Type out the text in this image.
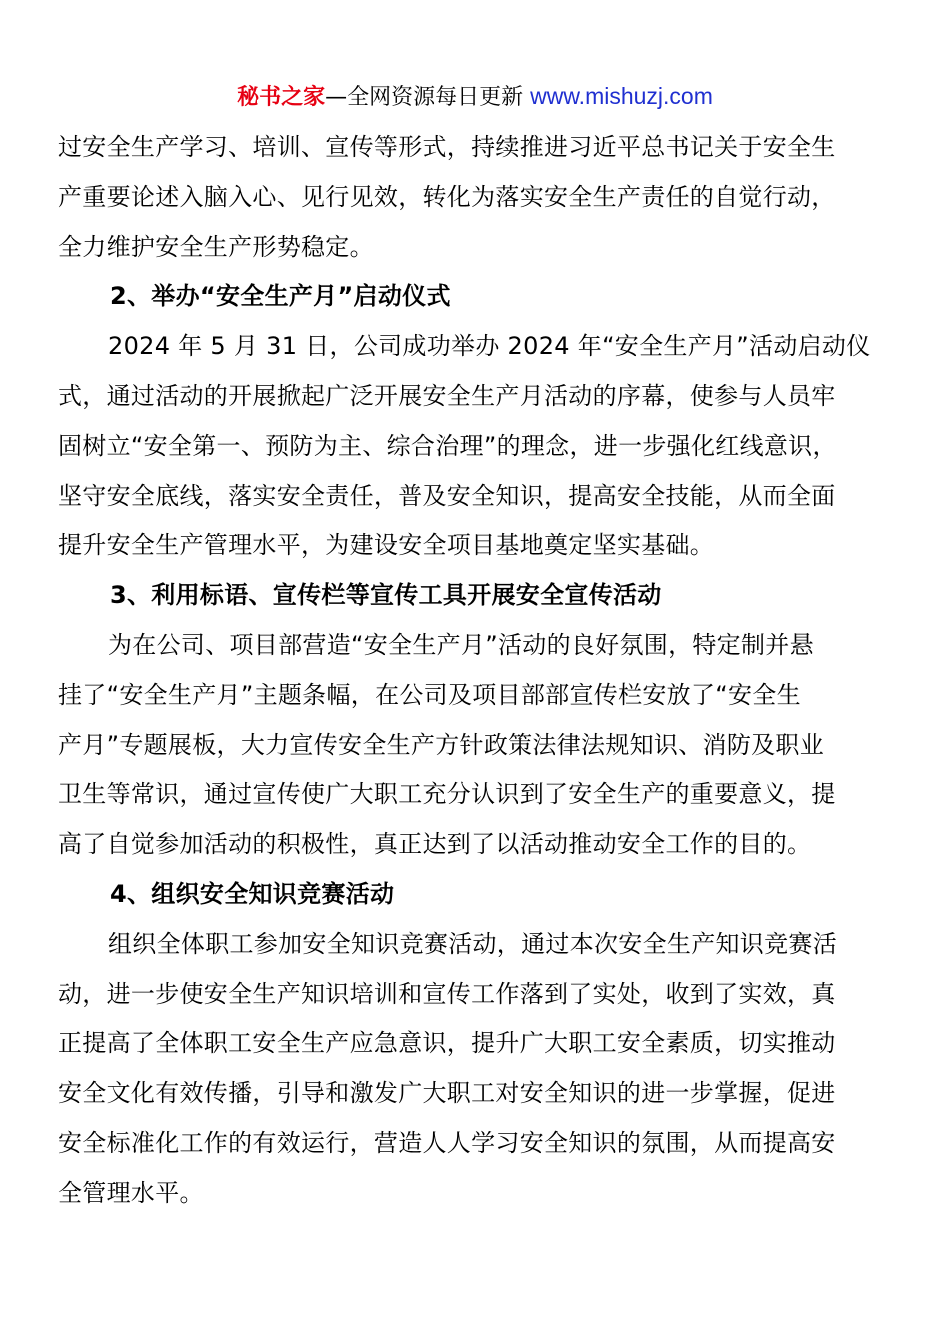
秘书之家—全网资源每日更新 www.mishuzj.com
过安全生产学习、培训、宣传等形式，持续推进习近平总书记关于安全生
产重要论述入脑入心、见行见效，转化为落实安全生产责任的自觉行动，
全力维护安全生产形势稳定。
2、举办“安全生产月”启动仪式
2024 年 5 月 31 日，公司成功举办 2024 年“安全生产月”活动启动仪
式，通过活动的开展掀起广泛开展安全生产月活动的序幕，使参与人员牢
固树立“安全第一、预防为主、综合治理”的理念，进一步强化红线意识，
坚守安全底线，落实安全责任，普及安全知识，提高安全技能，从而全面
提升安全生产管理水平，为建设安全项目基地奠定坚实基础。
3、利用标语、宣传栏等宣传工具开展安全宣传活动
为在公司、项目部营造“安全生产月”活动的良好氛围，特定制并悬
挂了“安全生产月”主题条幅，在公司及项目部部宣传栏安放了“安全生
产月”专题展板，大力宣传安全生产方针政策法律法规知识、消防及职业
卫生等常识，通过宣传使广大职工充分认识到了安全生产的重要意义，提
高了自觉参加活动的积极性，真正达到了以活动推动安全工作的目的。
4、组织安全知识竞赛活动
组织全体职工参加安全知识竞赛活动，通过本次安全生产知识竞赛活
动，进一步使安全生产知识培训和宣传工作落到了实处，收到了实效，真
正提高了全体职工安全生产应急意识，提升广大职工安全素质，切实推动
安全文化有效传播，引导和激发广大职工对安全知识的进一步掌握，促进
安全标准化工作的有效运行，营造人人学习安全知识的氛围，从而提高安
全管理水平。
